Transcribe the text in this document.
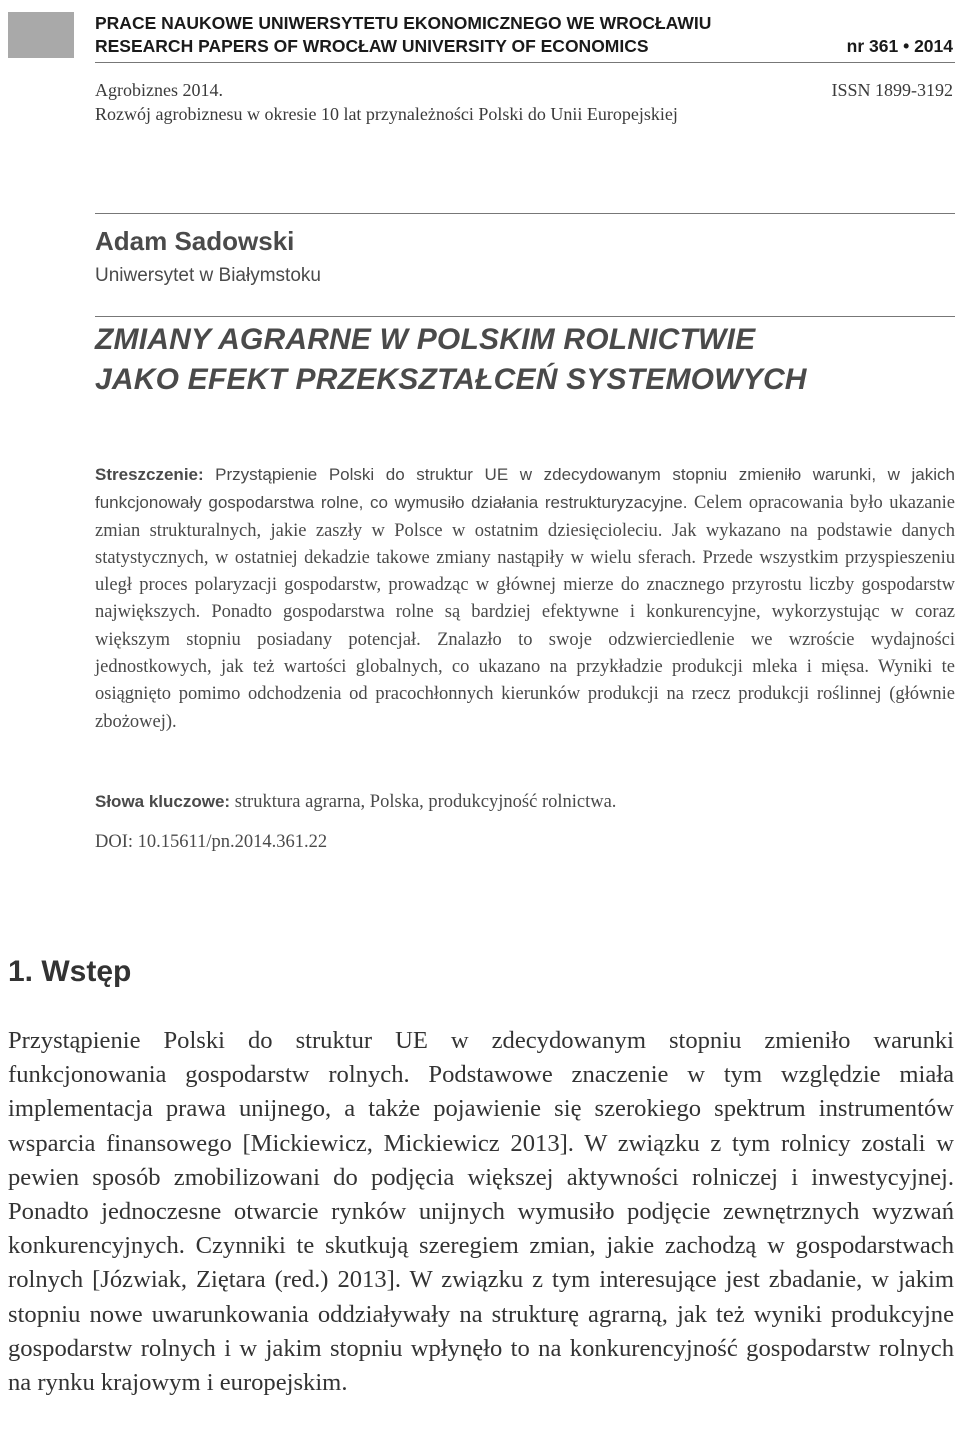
PRACE NAUKOWE UNIWERSYTETU EKONOMICZNEGO WE WROCŁAWIU
RESEARCH PAPERS OF WROCŁAW UNIVERSITY OF ECONOMICS	nr 361 • 2014
Agrobiznes 2014.	ISSN 1899-3192
Rozwój agrobiznesu w okresie 10 lat przynależności Polski do Unii Europejskiej
Adam Sadowski
Uniwersytet w Białymstoku
ZMIANY AGRARNE W POLSKIM ROLNICTWIE
JAKO EFEKT PRZEKSZTAŁCEŃ SYSTEMOWYCH
Streszczenie: Przystąpienie Polski do struktur UE w zdecydowanym stopniu zmieniło warunki, w jakich funkcjonowały gospodarstwa rolne, co wymusiło działania restrukturyzacyjne. Celem opracowania było ukazanie zmian strukturalnych, jakie zaszły w Polsce w ostatnim dziesięcioleciu. Jak wykazano na podstawie danych statystycznych, w ostatniej dekadzie takowe zmiany nastąpiły w wielu sferach. Przede wszystkim przyspieszeniu uległ proces polaryzacji gospodarstw, prowadząc w głównej mierze do znacznego przyrostu liczby gospodarstw największych. Ponadto gospodarstwa rolne są bardziej efektywne i konkurencyjne, wykorzystując w coraz większym stopniu posiadany potencjał. Znalazło to swoje odzwierciedlenie we wzroście wydajności jednostkowych, jak też wartości globalnych, co ukazano na przykładzie produkcji mleka i mięsa. Wyniki te osiągnięto pomimo odchodzenia od pracochłonnych kierunków produkcji na rzecz produkcji roślinnej (głównie zbożowej).
Słowa kluczowe: struktura agrarna, Polska, produkcyjność rolnictwa.
DOI: 10.15611/pn.2014.361.22
1. Wstęp
Przystąpienie Polski do struktur UE w zdecydowanym stopniu zmieniło warunki funkcjonowania gospodarstw rolnych. Podstawowe znaczenie w tym względzie miała implementacja prawa unijnego, a także pojawienie się szerokiego spektrum instrumentów wsparcia finansowego [Mickiewicz, Mickiewicz 2013]. W związku z tym rolnicy zostali w pewien sposób zmobilizowani do podjęcia większej aktywności rolniczej i inwestycyjnej. Ponadto jednoczesne otwarcie rynków unijnych wymusiło podjęcie zewnętrznych wyzwań konkurencyjnych. Czynniki te skutkują szeregiem zmian, jakie zachodzą w gospodarstwach rolnych [Józwiak, Ziętara (red.) 2013]. W związku z tym interesujące jest zbadanie, w jakim stopniu nowe uwarunkowania oddziaływały na strukturę agrarną, jak też wyniki produkcyjne gospodarstw rolnych i w jakim stopniu wpłynęło to na konkurencyjność gospodarstw rolnych na rynku krajowym i europejskim.
